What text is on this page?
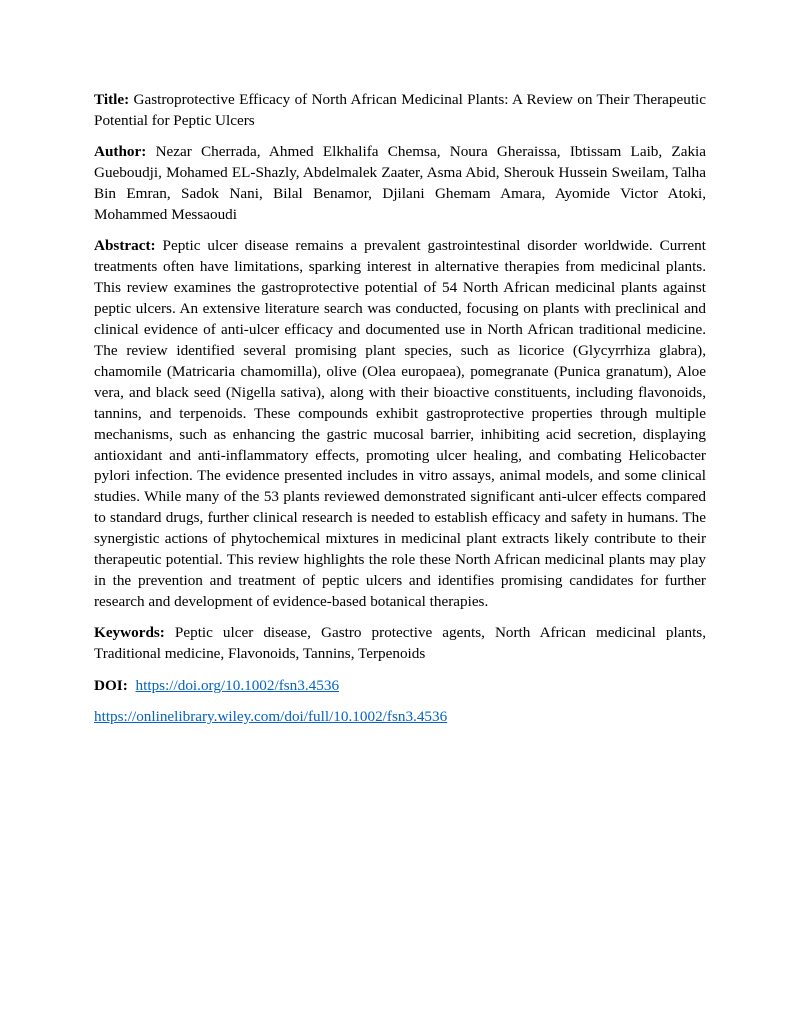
Title: Gastroprotective Efficacy of North African Medicinal Plants: A Review on Their Therapeutic Potential for Peptic Ulcers

Author: Nezar Cherrada, Ahmed Elkhalifa Chemsa, Noura Gheraissa, Ibtissam Laib, Zakia Gueboudji, Mohamed EL-Shazly, Abdelmalek Zaater, Asma Abid, Sherouk Hussein Sweilam, Talha Bin Emran, Sadok Nani, Bilal Benamor, Djilani Ghemam Amara, Ayomide Victor Atoki, Mohammed Messaoudi

Abstract: Peptic ulcer disease remains a prevalent gastrointestinal disorder worldwide. Current treatments often have limitations, sparking interest in alternative therapies from medicinal plants. This review examines the gastroprotective potential of 54 North African medicinal plants against peptic ulcers. An extensive literature search was conducted, focusing on plants with preclinical and clinical evidence of anti-ulcer efficacy and documented use in North African traditional medicine. The review identified several promising plant species, such as licorice (Glycyrrhiza glabra), chamomile (Matricaria chamomilla), olive (Olea europaea), pomegranate (Punica granatum), Aloe vera, and black seed (Nigella sativa), along with their bioactive constituents, including flavonoids, tannins, and terpenoids. These compounds exhibit gastroprotective properties through multiple mechanisms, such as enhancing the gastric mucosal barrier, inhibiting acid secretion, displaying antioxidant and anti-inflammatory effects, promoting ulcer healing, and combating Helicobacter pylori infection. The evidence presented includes in vitro assays, animal models, and some clinical studies. While many of the 53 plants reviewed demonstrated significant anti-ulcer effects compared to standard drugs, further clinical research is needed to establish efficacy and safety in humans. The synergistic actions of phytochemical mixtures in medicinal plant extracts likely contribute to their therapeutic potential. This review highlights the role these North African medicinal plants may play in the prevention and treatment of peptic ulcers and identifies promising candidates for further research and development of evidence-based botanical therapies.

Keywords: Peptic ulcer disease, Gastro protective agents, North African medicinal plants, Traditional medicine, Flavonoids, Tannins, Terpenoids

DOI: https://doi.org/10.1002/fsn3.4536

https://onlinelibrary.wiley.com/doi/full/10.1002/fsn3.4536
